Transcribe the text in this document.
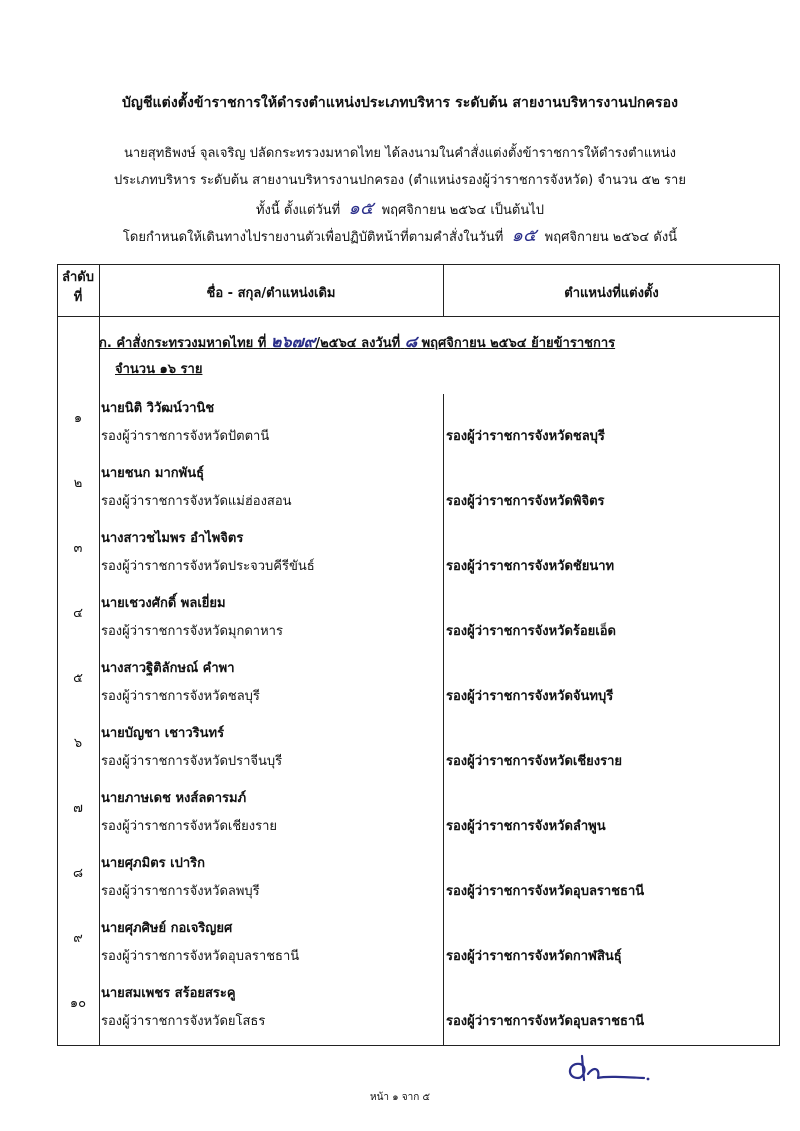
บัญชีแต่งตั้งข้าราชการให้ดำรงตำแหน่งประเภทบริหาร ระดับต้น สายงานบริหารงานปกครอง
นายสุทธิพงษ์ จุลเจริญ ปลัดกระทรวงมหาดไทย ได้ลงนามในคำสั่งแต่งตั้งข้าราชการให้ดำรงตำแหน่ง
ประเภทบริหาร ระดับต้น สายงานบริหารงานปกครอง (ตำแหน่งรองผู้ว่าราชการจังหวัด) จำนวน ๕๒ ราย
ทั้งนี้ ตั้งแต่วันที่ ๑๕ พฤศจิกายน ๒๕๖๔ เป็นต้นไป
โดยกำหนดให้เดินทางไปรายงานตัวเพื่อปฏิบัติหน้าที่ตามคำสั่งในวันที่ ๑๕ พฤศจิกายน ๒๕๖๔ ดังนี้
ลำดับ
ที่	ชื่อ - สกุล/ตำแหน่งเดิม	ตำแหน่งที่แต่งตั้ง
ก. คำสั่งกระทรวงมหาดไทย ที่ ๒๖๗๙/๒๕๖๔ ลงวันที่ ๘ พฤศจิกายน ๒๕๖๔ ย้ายข้าราชการ
จำนวน ๑๖ ราย
๑
นายนิติ วิวัฒน์วานิช
รองผู้ว่าราชการจังหวัดปัตตานี	รองผู้ว่าราชการจังหวัดชลบุรี
๒
นายชนก มากพันธุ์
รองผู้ว่าราชการจังหวัดแม่ฮ่องสอน	รองผู้ว่าราชการจังหวัดพิจิตร
๓
นางสาวชไมพร อำไพจิตร
รองผู้ว่าราชการจังหวัดประจวบคีรีขันธ์	รองผู้ว่าราชการจังหวัดชัยนาท
๔
นายเชวงศักดิ์ พลเยี่ยม
รองผู้ว่าราชการจังหวัดมุกดาหาร	รองผู้ว่าราชการจังหวัดร้อยเอ็ด
๕
นางสาวฐิติลักษณ์ คำพา
รองผู้ว่าราชการจังหวัดชลบุรี	รองผู้ว่าราชการจังหวัดจันทบุรี
๖
นายบัญชา เชาวรินทร์
รองผู้ว่าราชการจังหวัดปราจีนบุรี	รองผู้ว่าราชการจังหวัดเชียงราย
๗
นายภาษเดช หงส์ลดารมภ์
รองผู้ว่าราชการจังหวัดเชียงราย	รองผู้ว่าราชการจังหวัดลำพูน
๘
นายศุภมิตร เปาริก
รองผู้ว่าราชการจังหวัดลพบุรี	รองผู้ว่าราชการจังหวัดอุบลราชธานี
๙
นายศุภศิษย์ กอเจริญยศ
รองผู้ว่าราชการจังหวัดอุบลราชธานี	รองผู้ว่าราชการจังหวัดกาฬสินธุ์
๑๐
นายสมเพชร สร้อยสระคู
รองผู้ว่าราชการจังหวัดยโสธร	รองผู้ว่าราชการจังหวัดอุบลราชธานี
หน้า ๑ จาก ๕
